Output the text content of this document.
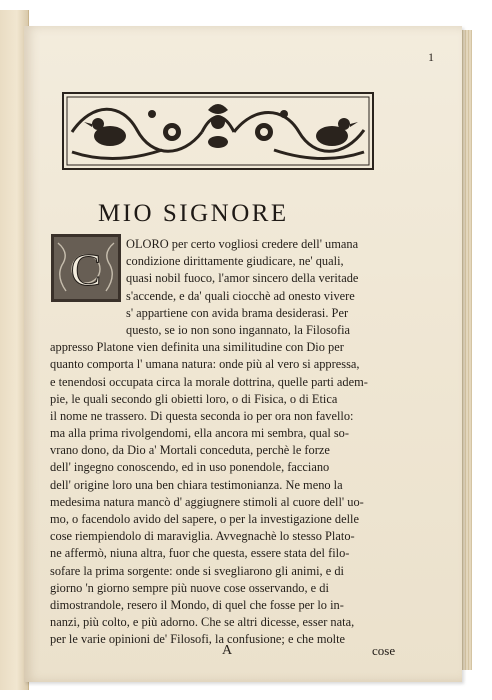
1
MIO SIGNORE
C	OLORO per certo vogliosi credere dell' umana
condizione dirittamente giudicare, ne' quali,
quasi nobil fuoco, l'amor sincero della veritade
s'accende, e da' quali ciocchè ad onesto vivere
s' appartiene con avida brama desiderasi. Per
questo, se io non sono ingannato, la Filosofia
appresso Platone vien definita una similitudine con Dio per
quanto comporta l' umana natura: onde più al vero si appressa,
e tenendosi occupata circa la morale dottrina, quelle parti adem-
pie, le quali secondo gli obietti loro, o di Fisica, o di Etica
il nome ne trassero. Di questa seconda io per ora non favello:
ma alla prima rivolgendomi, ella ancora mi sembra, qual so-
vrano dono, da Dio a' Mortali conceduta, perchè le forze
dell' ingegno conoscendo, ed in uso ponendole, facciano
dell' origine loro una ben chiara testimonianza. Ne meno la
medesima natura mancò d' aggiugnere stimoli al cuore dell' uo-
mo, o facendolo avido del sapere, o per la investigazione delle
cose riempiendolo di maraviglia. Avvegnachè lo stesso Plato-
ne affermò, niuna altra, fuor che questa, essere stata del filo-
sofare la prima sorgente: onde si svegliarono gli animi, e di
giorno 'n giorno sempre più nuove cose osservando, e di
dimostrandole, resero il Mondo, di quel che fosse per lo in-
nanzi, più colto, e più adorno. Che se altri dicesse, esser nata,
per le varie opinioni de' Filosofi, la confusione; e che molte
A	cose
